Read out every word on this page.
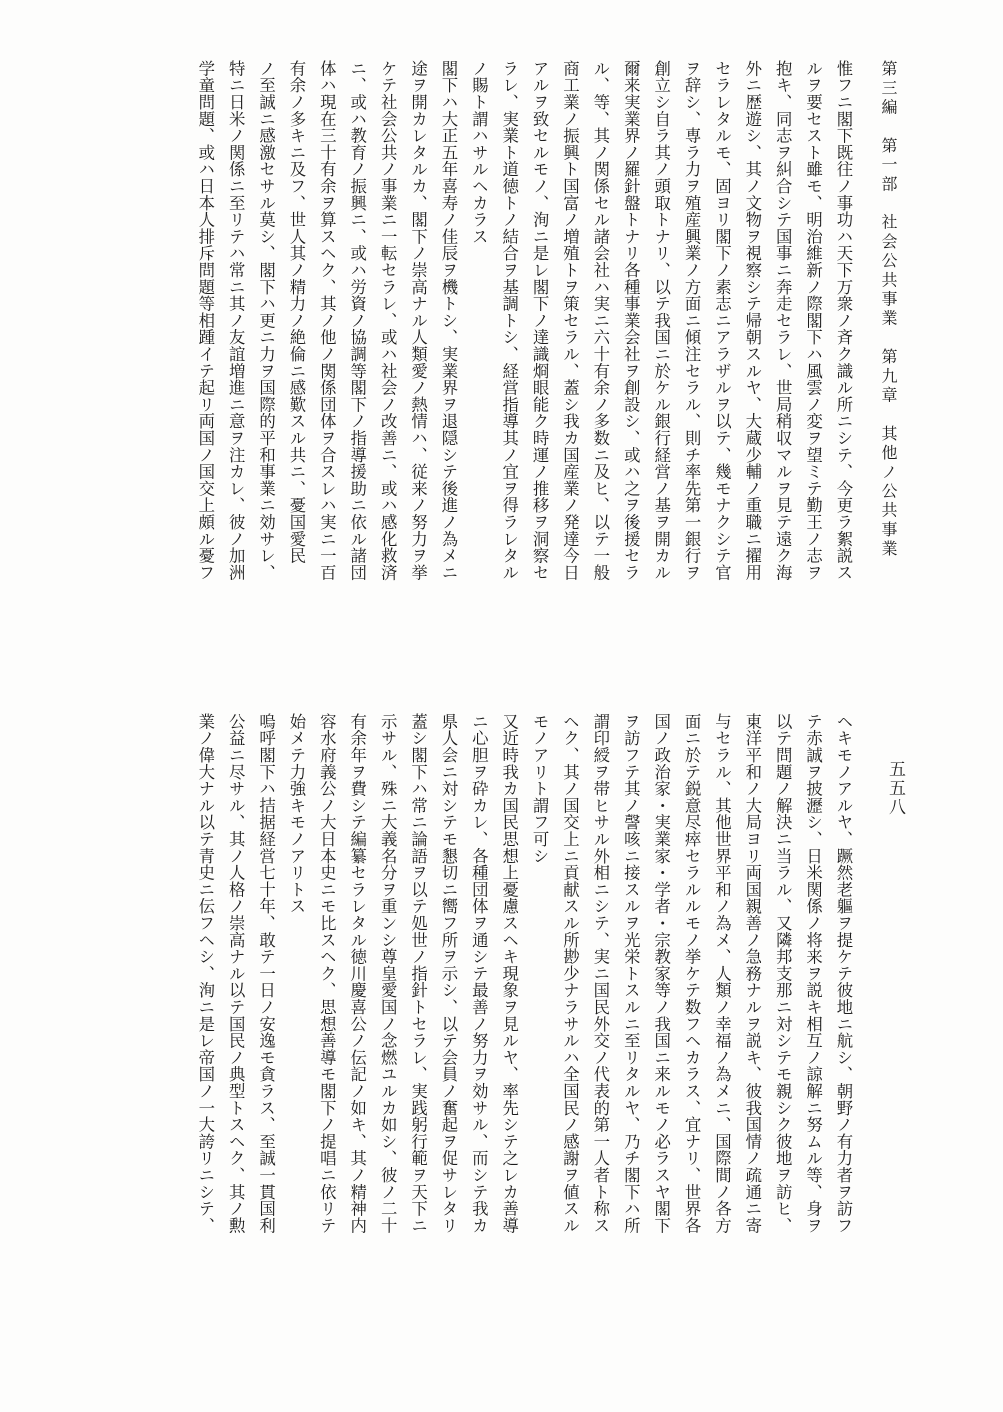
第三編　第一部　社会公共事業　第九章　其他ノ公共事業
五五八
惟フニ閣下既往ノ事功ハ天下万衆ノ斉ク識ル所ニシテ、今更ラ絮説ス
ルヲ要セスト雖モ、明治維新ノ際閣下ハ風雲ノ変ヲ望ミテ勤王ノ志ヲ
抱キ、同志ヲ糾合シテ国事ニ奔走セラレ、世局稍収マルヲ見テ遠ク海
外ニ歴遊シ、其ノ文物ヲ視察シテ帰朝スルヤ、大蔵少輔ノ重職ニ擢用
セラレタルモ、固ヨリ閣下ノ素志ニアラザルヲ以テ、幾モナクシテ官
ヲ辞シ、専ラ力ヲ殖産興業ノ方面ニ傾注セラル、則チ率先第一銀行ヲ
創立シ自ラ其ノ頭取トナリ、以テ我国ニ於ケル銀行経営ノ基ヲ開カル
爾来実業界ノ羅針盤トナリ各種事業会社ヲ創設シ、或ハ之ヲ後援セラ
ル、等、其ノ関係セル諸会社ハ実ニ六十有余ノ多数ニ及ヒ、以テ一般
商工業ノ振興ト国富ノ増殖トヲ策セラル、蓋シ我カ国産業ノ発達今日
アルヲ致セルモノ、洵ニ是レ閣下ノ達識烱眼能ク時運ノ推移ヲ洞察セ
ラレ、実業ト道徳トノ結合ヲ基調トシ、経営指導其ノ宜ヲ得ラレタル
ノ賜ト謂ハサルヘカラス
閣下ハ大正五年喜寿ノ佳辰ヲ機トシ、実業界ヲ退隠シテ後進ノ為メニ
途ヲ開カレタルカ、閣下ノ崇高ナル人類愛ノ熱情ハ、従来ノ努力ヲ挙
ケテ社会公共ノ事業ニ一転セラレ、或ハ社会ノ改善ニ、或ハ感化救済
ニ、或ハ教育ノ振興ニ、或ハ労資ノ協調等閣下ノ指導援助ニ依ル諸団
体ハ現在三十有余ヲ算スヘク、其ノ他ノ関係団体ヲ合スレハ実ニ一百
有余ノ多キニ及フ、世人其ノ精力ノ絶倫ニ感歎スル共ニ、憂国愛民
ノ至誠ニ感激セサル莫シ、閣下ハ更ニ力ヲ国際的平和事業ニ効サレ、
特ニ日米ノ関係ニ至リテハ常ニ其ノ友誼増進ニ意ヲ注カレ、彼ノ加洲
学童問題、或ハ日本人排斥問題等相踵イテ起リ両国ノ国交上頗ル憂フ
ヘキモノアルヤ、蹶然老軀ヲ提ケテ彼地ニ航シ、朝野ノ有力者ヲ訪フ
テ赤誠ヲ披瀝シ、日米関係ノ将来ヲ説キ相互ノ諒解ニ努ムル等、身ヲ
以テ問題ノ解決ニ当ラル、又隣邦支那ニ対シテモ親シク彼地ヲ訪ヒ、
東洋平和ノ大局ヨリ両国親善ノ急務ナルヲ説キ、彼我国情ノ疏通ニ寄
与セラル、其他世界平和ノ為メ、人類ノ幸福ノ為メニ、国際間ノ各方
面ニ於テ鋭意尽瘁セラルルモノ挙ケテ数フヘカラス、宜ナリ、世界各
国ノ政治家・実業家・学者・宗教家等ノ我国ニ来ルモノ必ラスヤ閣下
ヲ訪フテ其ノ謦咳ニ接スルヲ光栄トスルニ至リタルヤ、乃チ閣下ハ所
謂印綬ヲ帯ヒサル外相ニシテ、実ニ国民外交ノ代表的第一人者ト称ス
ヘク、其ノ国交上ニ貢献スル所尠少ナラサルハ全国民ノ感謝ヲ値スル
モノアリト謂フ可シ
又近時我カ国民思想上憂慮スヘキ現象ヲ見ルヤ、率先シテ之レカ善導
ニ心胆ヲ砕カレ、各種団体ヲ通シテ最善ノ努力ヲ効サル、而シテ我カ
県人会ニ対シテモ懇切ニ嚮フ所ヲ示シ、以テ会員ノ奮起ヲ促サレタリ
蓋シ閣下ハ常ニ論語ヲ以テ処世ノ指針トセラレ、実践躬行範ヲ天下ニ
示サル、殊ニ大義名分ヲ重ンシ尊皇愛国ノ念燃ユルカ如シ、彼ノ二十
有余年ヲ費シテ編纂セラレタル徳川慶喜公ノ伝記ノ如キ、其ノ精神内
容水府義公ノ大日本史ニモ比スヘク、思想善導モ閣下ノ提唱ニ依リテ
始メテ力強キモノアリトス
嗚呼閣下ハ拮据経営七十年、敢テ一日ノ安逸モ貪ラス、至誠一貫国利
公益ニ尽サル、其ノ人格ノ崇高ナル以テ国民ノ典型トスヘク、其ノ勲
業ノ偉大ナル以テ青史ニ伝フヘシ、洵ニ是レ帝国ノ一大誇リニシテ、
